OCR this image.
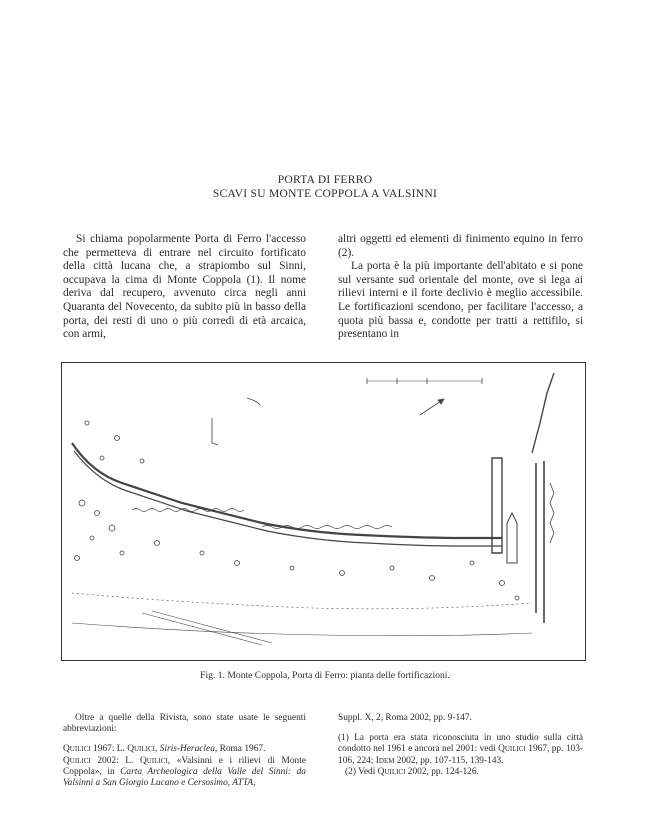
PORTA DI FERRO
SCAVI SU MONTE COPPOLA A VALSINNI

Si chiama popolarmente Porta di Ferro l'accesso che permetteva di entrare nel circuito fortificato della città lucana che, a strapiombo sul Sinni, occupava la cima di Monte Coppola (1). Il nome deriva dal recupero, avvenuto circa negli anni Quaranta del Novecento, da subito più in basso della porta, dei resti di uno o più corredi di età arcaica, con armi,

altri oggetti ed elementi di finimento equino in ferro (2).

La porta è la più importante dell'abitato e si pone sul versante sud orientale del monte, ove si lega ai rilievi interni e il forte declivio è meglio accessibile. Le fortificazioni scendono, per facilitare l'accesso, a quota più bassa e, condotte per tratti a rettifilo, si presentano in

Fig. 1. Monte Coppola, Porta di Ferro: pianta delle fortificazioni.

Oltre a quelle della Rivista, sono state usate le seguenti abbreviazioni:

Quilici 1967: L. Quilici, Siris-Heraclea, Roma 1967.
Quilici 2002: L. Quilici, «Valsinni e i rilievi di Monte Coppola», in Carta Archeologica della Valle del Sinni: da Valsinni a San Giorgio Lucano e Cersosimo, ATTA,

Suppl. X, 2, Roma 2002, pp. 9-147.

(1) La porta era stata riconosciuta in uno studio sulla città condotto nel 1961 e ancora nel 2001: vedi Quilici 1967, pp. 103-106, 224; Idem 2002, pp. 107-115, 139-143.
(2) Vedi Quilici 2002, pp. 124-126.
